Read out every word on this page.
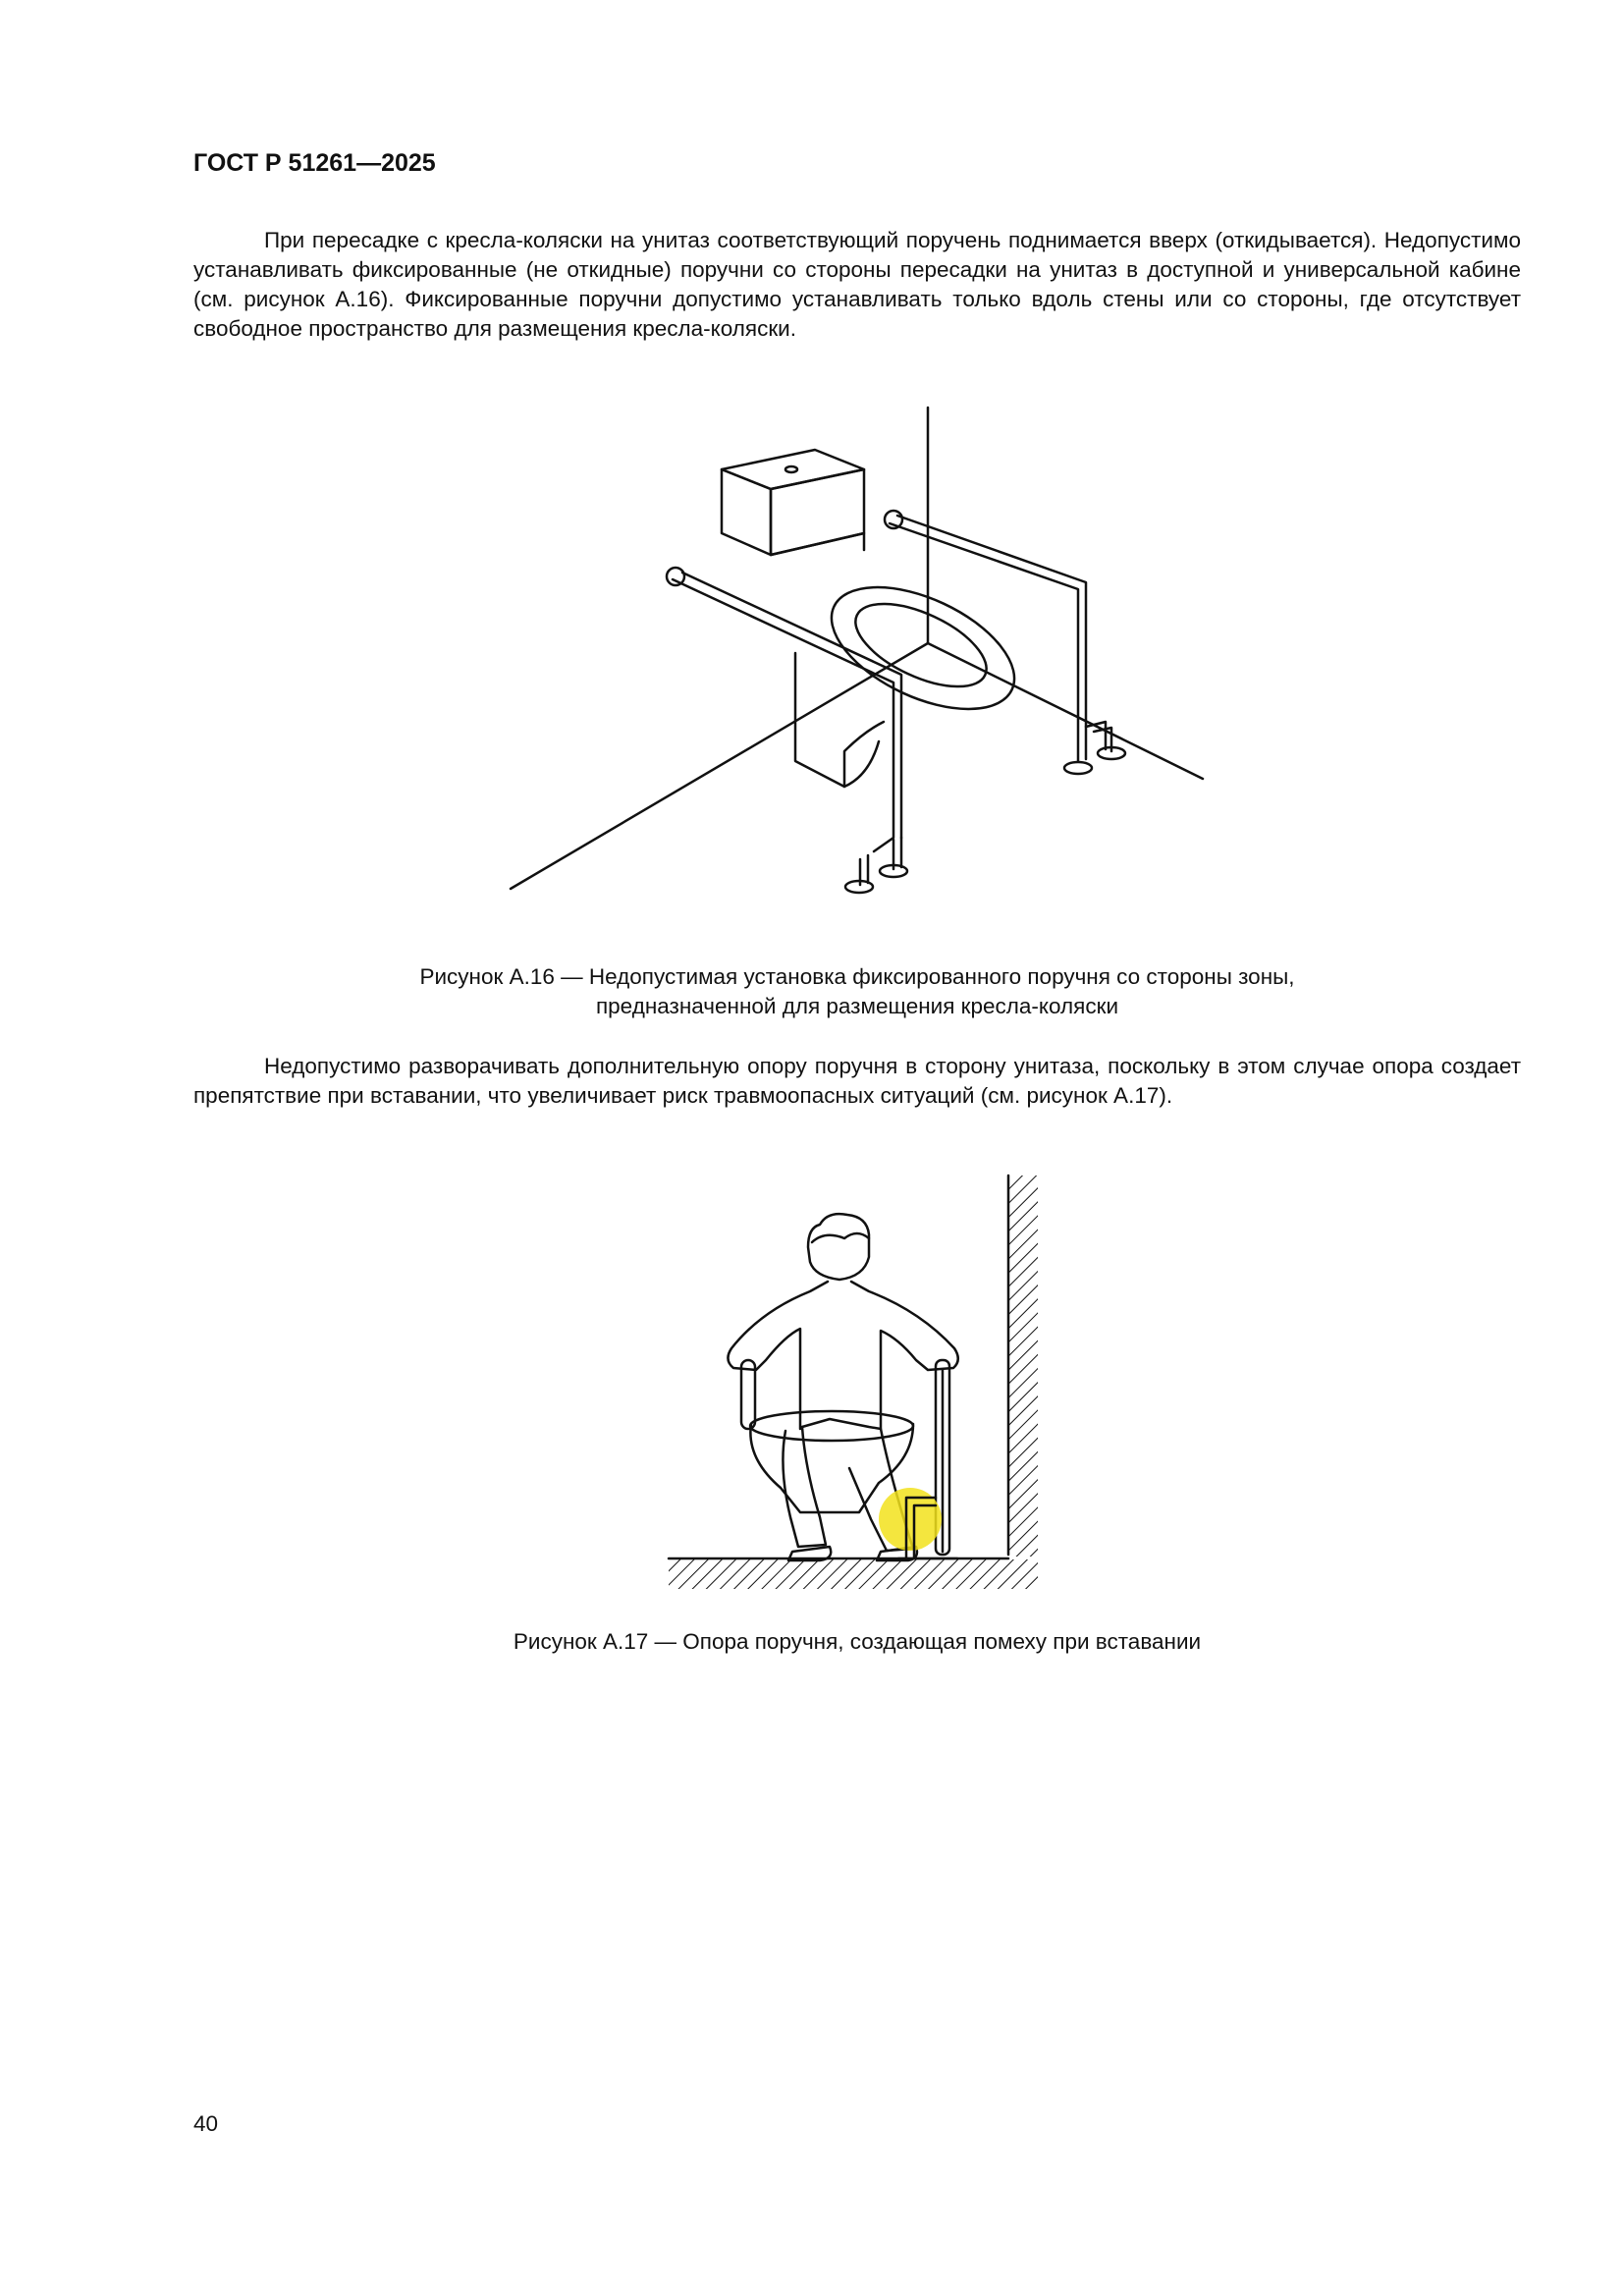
ГОСТ Р 51261—2025

При пересадке с кресла-коляски на унитаз соответствующий поручень поднимается вверх (откидывается). Недопустимо устанавливать фиксированные (не откидные) поручни со стороны пересадки на унитаз в доступной и универсальной кабине (см. рисунок А.16). Фиксированные поручни допустимо устанавливать только вдоль стены или со стороны, где отсутствует свободное пространство для размещения кресла-коляски.

Рисунок А.16 — Недопустимая установка фиксированного поручня со стороны зоны,
предназначенной для размещения кресла-коляски

Недопустимо разворачивать дополнительную опору поручня в сторону унитаза, поскольку в этом случае опора создает препятствие при вставании, что увеличивает риск травмоопасных ситуаций (см. рисунок А.17).

Рисунок А.17 — Опора поручня, создающая помеху при вставании

40
